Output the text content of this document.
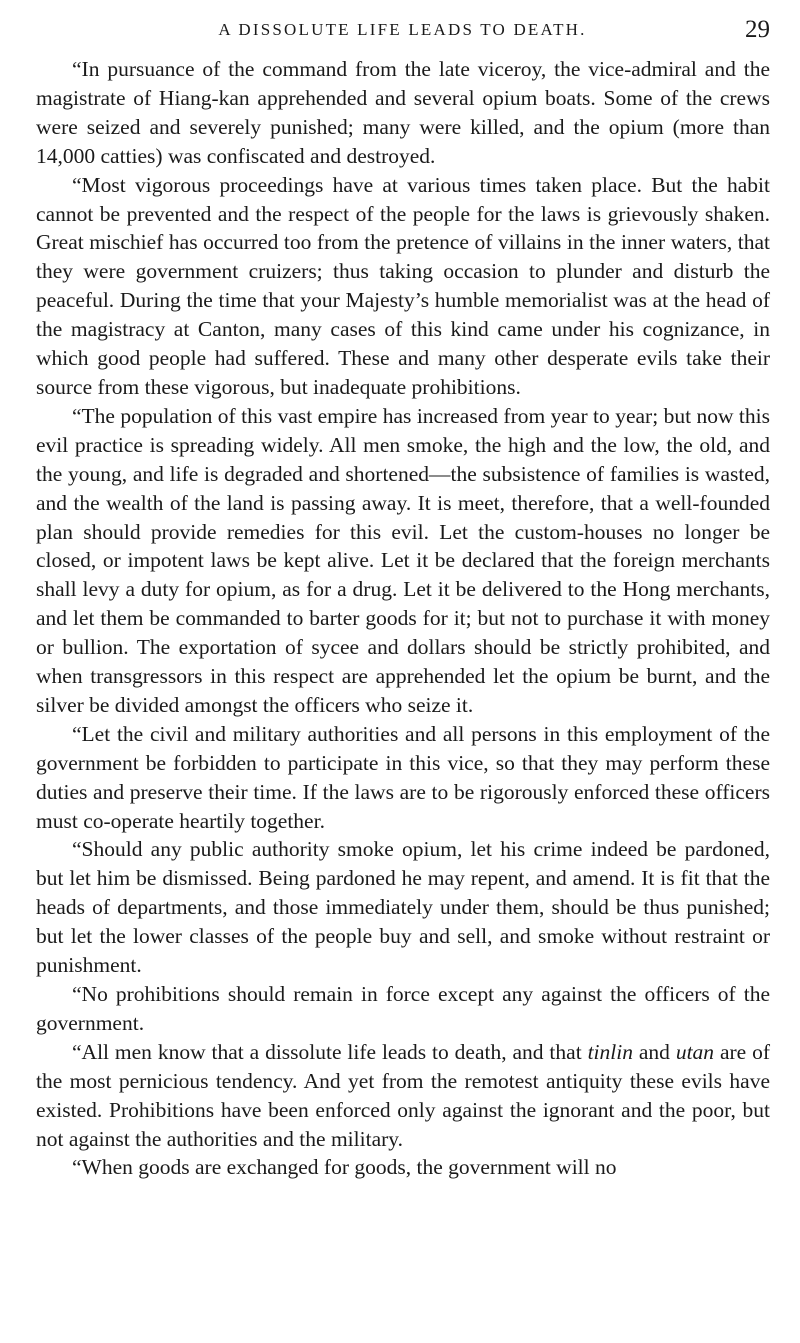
A DISSOLUTE LIFE LEADS TO DEATH.	29

“In pursuance of the command from the late viceroy, the vice-admiral and the magistrate of Hiang-kan apprehended and several opium boats. Some of the crews were seized and severely punished; many were killed, and the opium (more than 14,000 catties) was confiscated and destroyed.

“Most vigorous proceedings have at various times taken place. But the habit cannot be prevented and the respect of the people for the laws is grievously shaken. Great mischief has occurred too from the pretence of villains in the inner waters, that they were government cruizers; thus taking occasion to plunder and disturb the peaceful. During the time that your Majesty’s humble memorialist was at the head of the magistracy at Canton, many cases of this kind came under his cognizance, in which good people had suffered. These and many other desperate evils take their source from these vigorous, but inadequate prohibitions.

“The population of this vast empire has increased from year to year; but now this evil practice is spreading widely. All men smoke, the high and the low, the old, and the young, and life is degraded and shortened—the subsistence of families is wasted, and the wealth of the land is passing away. It is meet, therefore, that a well-founded plan should provide remedies for this evil. Let the custom-houses no longer be closed, or impotent laws be kept alive. Let it be declared that the foreign merchants shall levy a duty for opium, as for a drug. Let it be delivered to the Hong merchants, and let them be commanded to barter goods for it; but not to purchase it with money or bullion. The exportation of sycee and dollars should be strictly prohibited, and when transgressors in this respect are apprehended let the opium be burnt, and the silver be divided amongst the officers who seize it.

“Let the civil and military authorities and all persons in this employment of the government be forbidden to participate in this vice, so that they may perform these duties and preserve their time. If the laws are to be rigorously enforced these officers must co-operate heartily together.

“Should any public authority smoke opium, let his crime indeed be pardoned, but let him be dismissed. Being pardoned he may repent, and amend. It is fit that the heads of departments, and those immediately under them, should be thus punished; but let the lower classes of the people buy and sell, and smoke without restraint or punishment.

“No prohibitions should remain in force except any against the officers of the government.

“All men know that a dissolute life leads to death, and that tinlin and utan are of the most pernicious tendency. And yet from the remotest antiquity these evils have existed. Prohibitions have been enforced only against the ignorant and the poor, but not against the authorities and the military.

“When goods are exchanged for goods, the government will no
